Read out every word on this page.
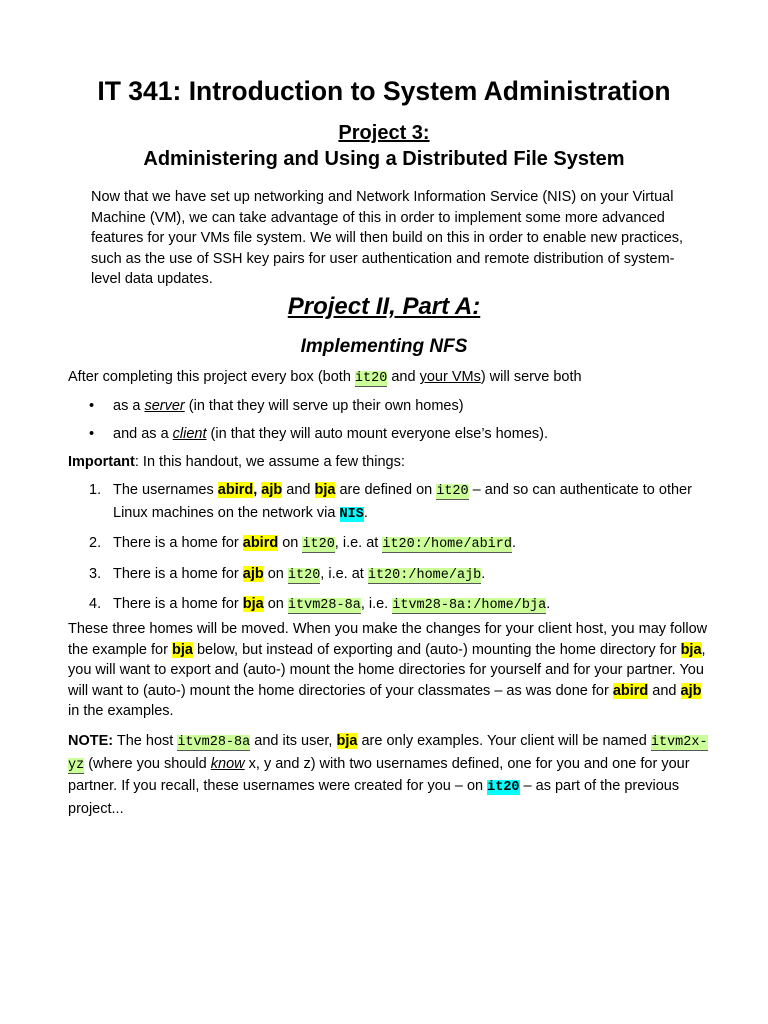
IT 341: Introduction to System Administration
Project 3:
Administering and Using a Distributed File System

Now that we have set up networking and Network Information Service (NIS) on your Virtual Machine (VM), we can take advantage of this in order to implement some more advanced features for your VMs file system. We will then build on this in order to enable new practices, such as the use of SSH key pairs for user authentication and remote distribution of system-level data updates.

Project II, Part A:
Implementing NFS

After completing this project every box (both it20 and your VMs) will serve both

• as a server (in that they will serve up their own homes)
• and as a client (in that they will auto mount everyone else’s homes).

Important: In this handout, we assume a few things:

1. The usernames abird, ajb and bja are defined on it20 – and so can authenticate to other Linux machines on the network via NIS.
2. There is a home for abird on it20, i.e. at it20:/home/abird.
3. There is a home for ajb on it20, i.e. at it20:/home/ajb.
4. There is a home for bja on itvm28-8a, i.e. itvm28-8a:/home/bja.

These three homes will be moved. When you make the changes for your client host, you may follow the example for bja below, but instead of exporting and (auto-) mounting the home directory for bja, you will want to export and (auto-) mount the home directories for yourself and for your partner. You will want to (auto-) mount the home directories of your classmates – as was done for abird and ajb in the examples.

NOTE: The host itvm28-8a and its user, bja are only examples. Your client will be named itvm2x-yz (where you should know x, y and z) with two usernames defined, one for you and one for your partner. If you recall, these usernames were created for you – on it20 – as part of the previous project...
